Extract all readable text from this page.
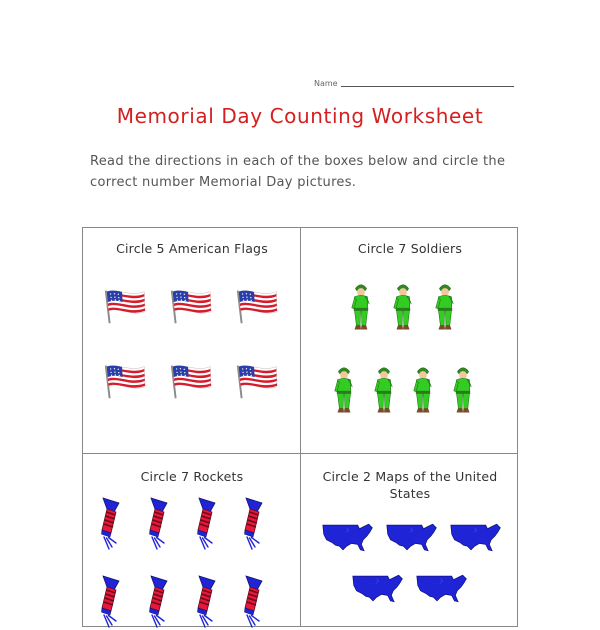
Name
Memorial Day Counting Worksheet
Read the directions in each of the boxes below and circle the correct number Memorial Day pictures.
Circle 5 American Flags	Circle 7 Soldiers
Circle 7 Rockets	Circle 2 Maps of the United States
